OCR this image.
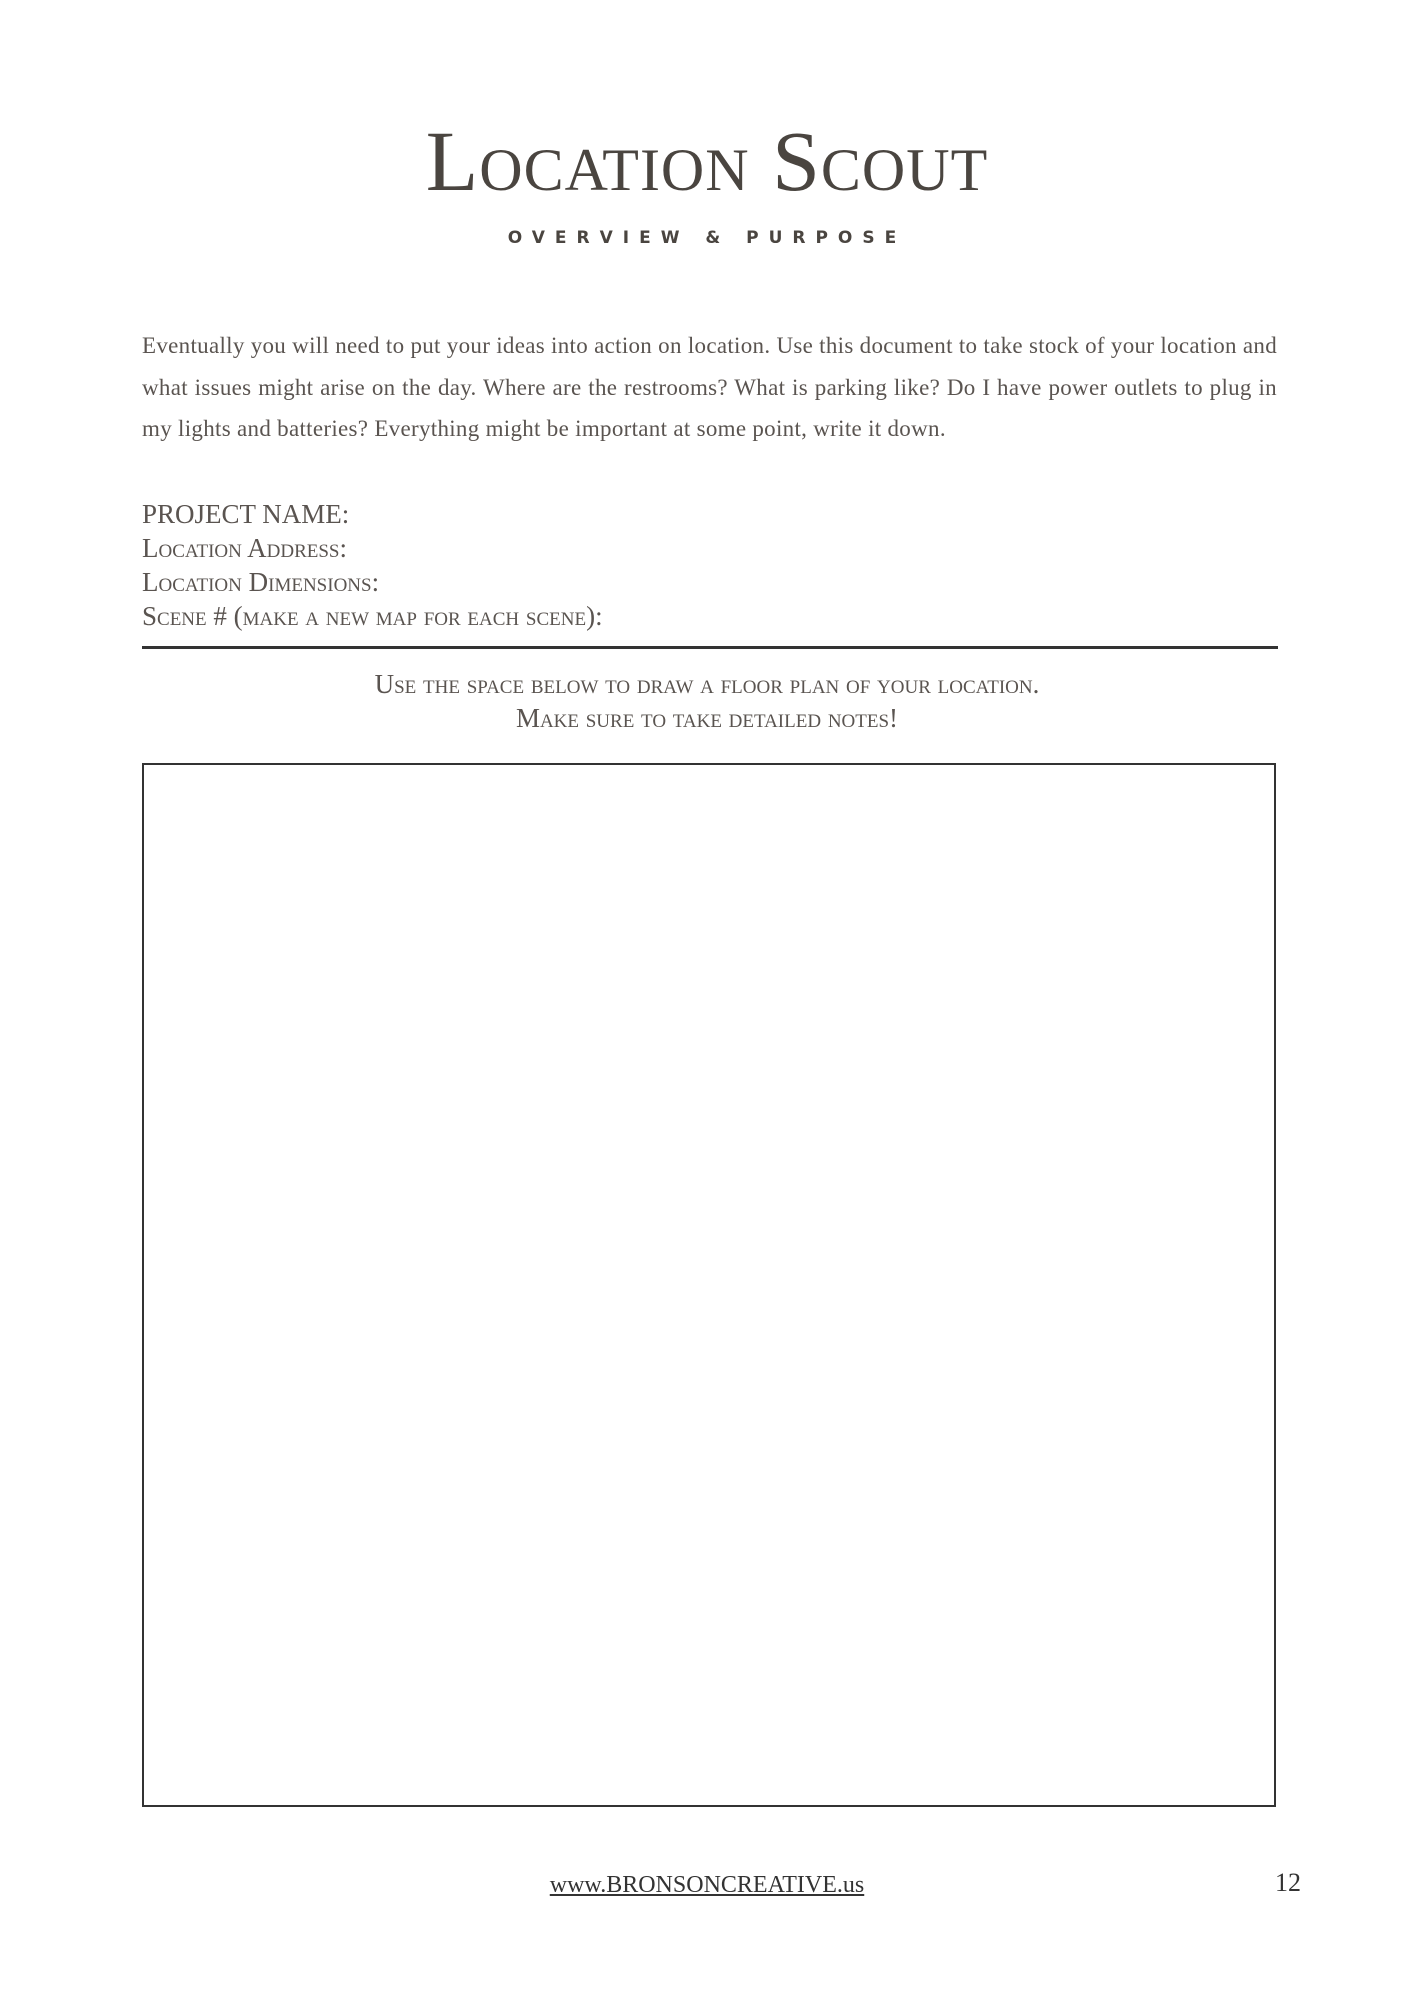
Location Scout
OVERVIEW & PURPOSE

Eventually you will need to put your ideas into action on location. Use this document to take stock of your location and what issues might arise on the day. Where are the restrooms? What is parking like? Do I have power outlets to plug in my lights and batteries? Everything might be important at some point, write it down.

PROJECT NAME:
Location Address:
Location Dimensions:
Scene # (make a new map for each scene):
Use the space below to draw a floor plan of your location.
Make sure to take detailed notes!
www.BRONSONCREATIVE.us	12
